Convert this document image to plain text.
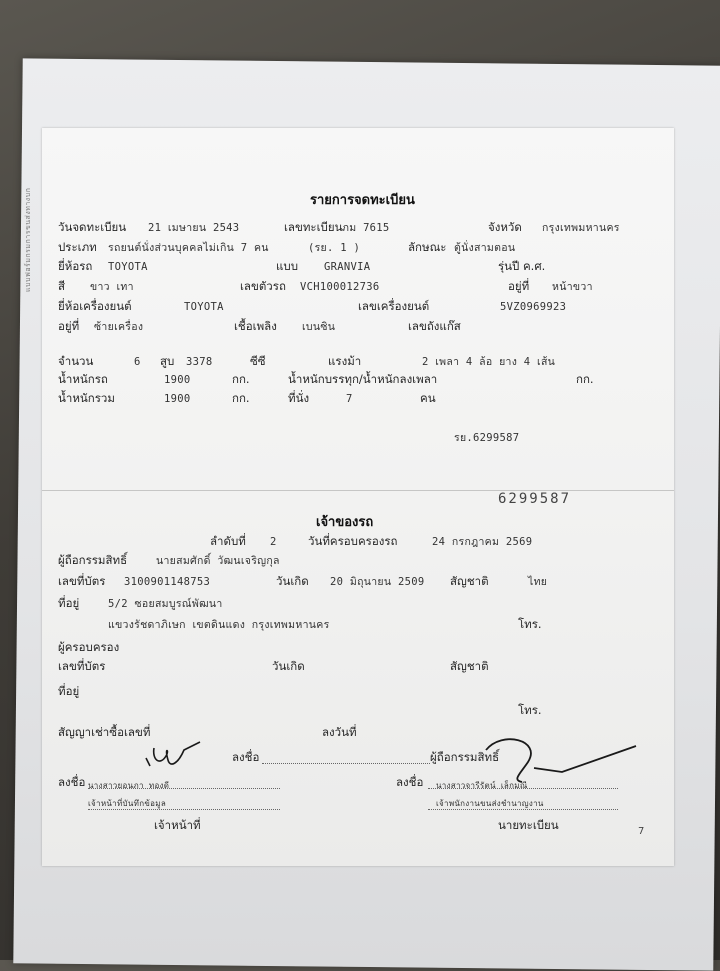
แบบฟอร์มกรมการขนส่งทางบก	รายการจดทะเบียน
วันจดทะเบียน 21 เมษายน 2543	เลขทะเบียน ภม 7615	จังหวัด กรุงเทพมหานคร
ประเภท รถยนต์นั่งส่วนบุคคลไม่เกิน 7 คน	(รย. 1 )	ลักษณะ ตู้นั่งสามตอน
ยี่ห้อรถ TOYOTA	แบบ GRANVIA	รุ่นปี ค.ศ.
สี ขาว เทา	เลขตัวรถ VCH100012736	อยู่ที่ หน้าขวา
ยี่ห้อเครื่องยนต์	TOYOTA	เลขเครื่องยนต์	5VZ0969923
อยู่ที่ ซ้ายเครื่อง	เชื้อเพลิง เบนซิน	เลขถังแก๊ส
จำนวน	6 สูบ 3378	ซีซี	แรงม้า	2 เพลา 4 ล้อ ยาง 4 เส้น
น้ำหนักรถ	1900	กก.	น้ำหนักบรรทุก/น้ำหนักลงเพลา	กก.
น้ำหนักรวม	1900	กก.	ที่นั่ง	7	คน
รย.6299587
6299587
เจ้าของรถ
ลำดับที่ 2	วันที่ครอบครองรถ	24 กรกฎาคม 2569
ผู้ถือกรรมสิทธิ์	นายสมศักดิ์ วัฒนเจริญกุล
เลขที่บัตร 3100901148753	วันเกิด 20 มิถุนายน 2509 สัญชาติ	ไทย
ที่อยู่	5/2 ซอยสมบูรณ์พัฒนา
แขวงรัชดาภิเษก เขตดินแดง กรุงเทพมหานคร	โทร.
ผู้ครอบครอง
เลขที่บัตร	วันเกิด	สัญชาติ
ที่อยู่
โทร.
สัญญาเช่าซื้อเลขที่	ลงวันที่
ลงชื่อ	ผู้ถือกรรมสิทธิ์
ลงชื่อ นางสาวยอนภา ทองดี
เจ้าหน้าที่บันทึกข้อมูล
เจ้าหน้าที่
ลงชื่อ นางสาวจารีรัตน์ เล็กมณี
เจ้าพนักงานขนส่งชำนาญงาน
นายทะเบียน	7
